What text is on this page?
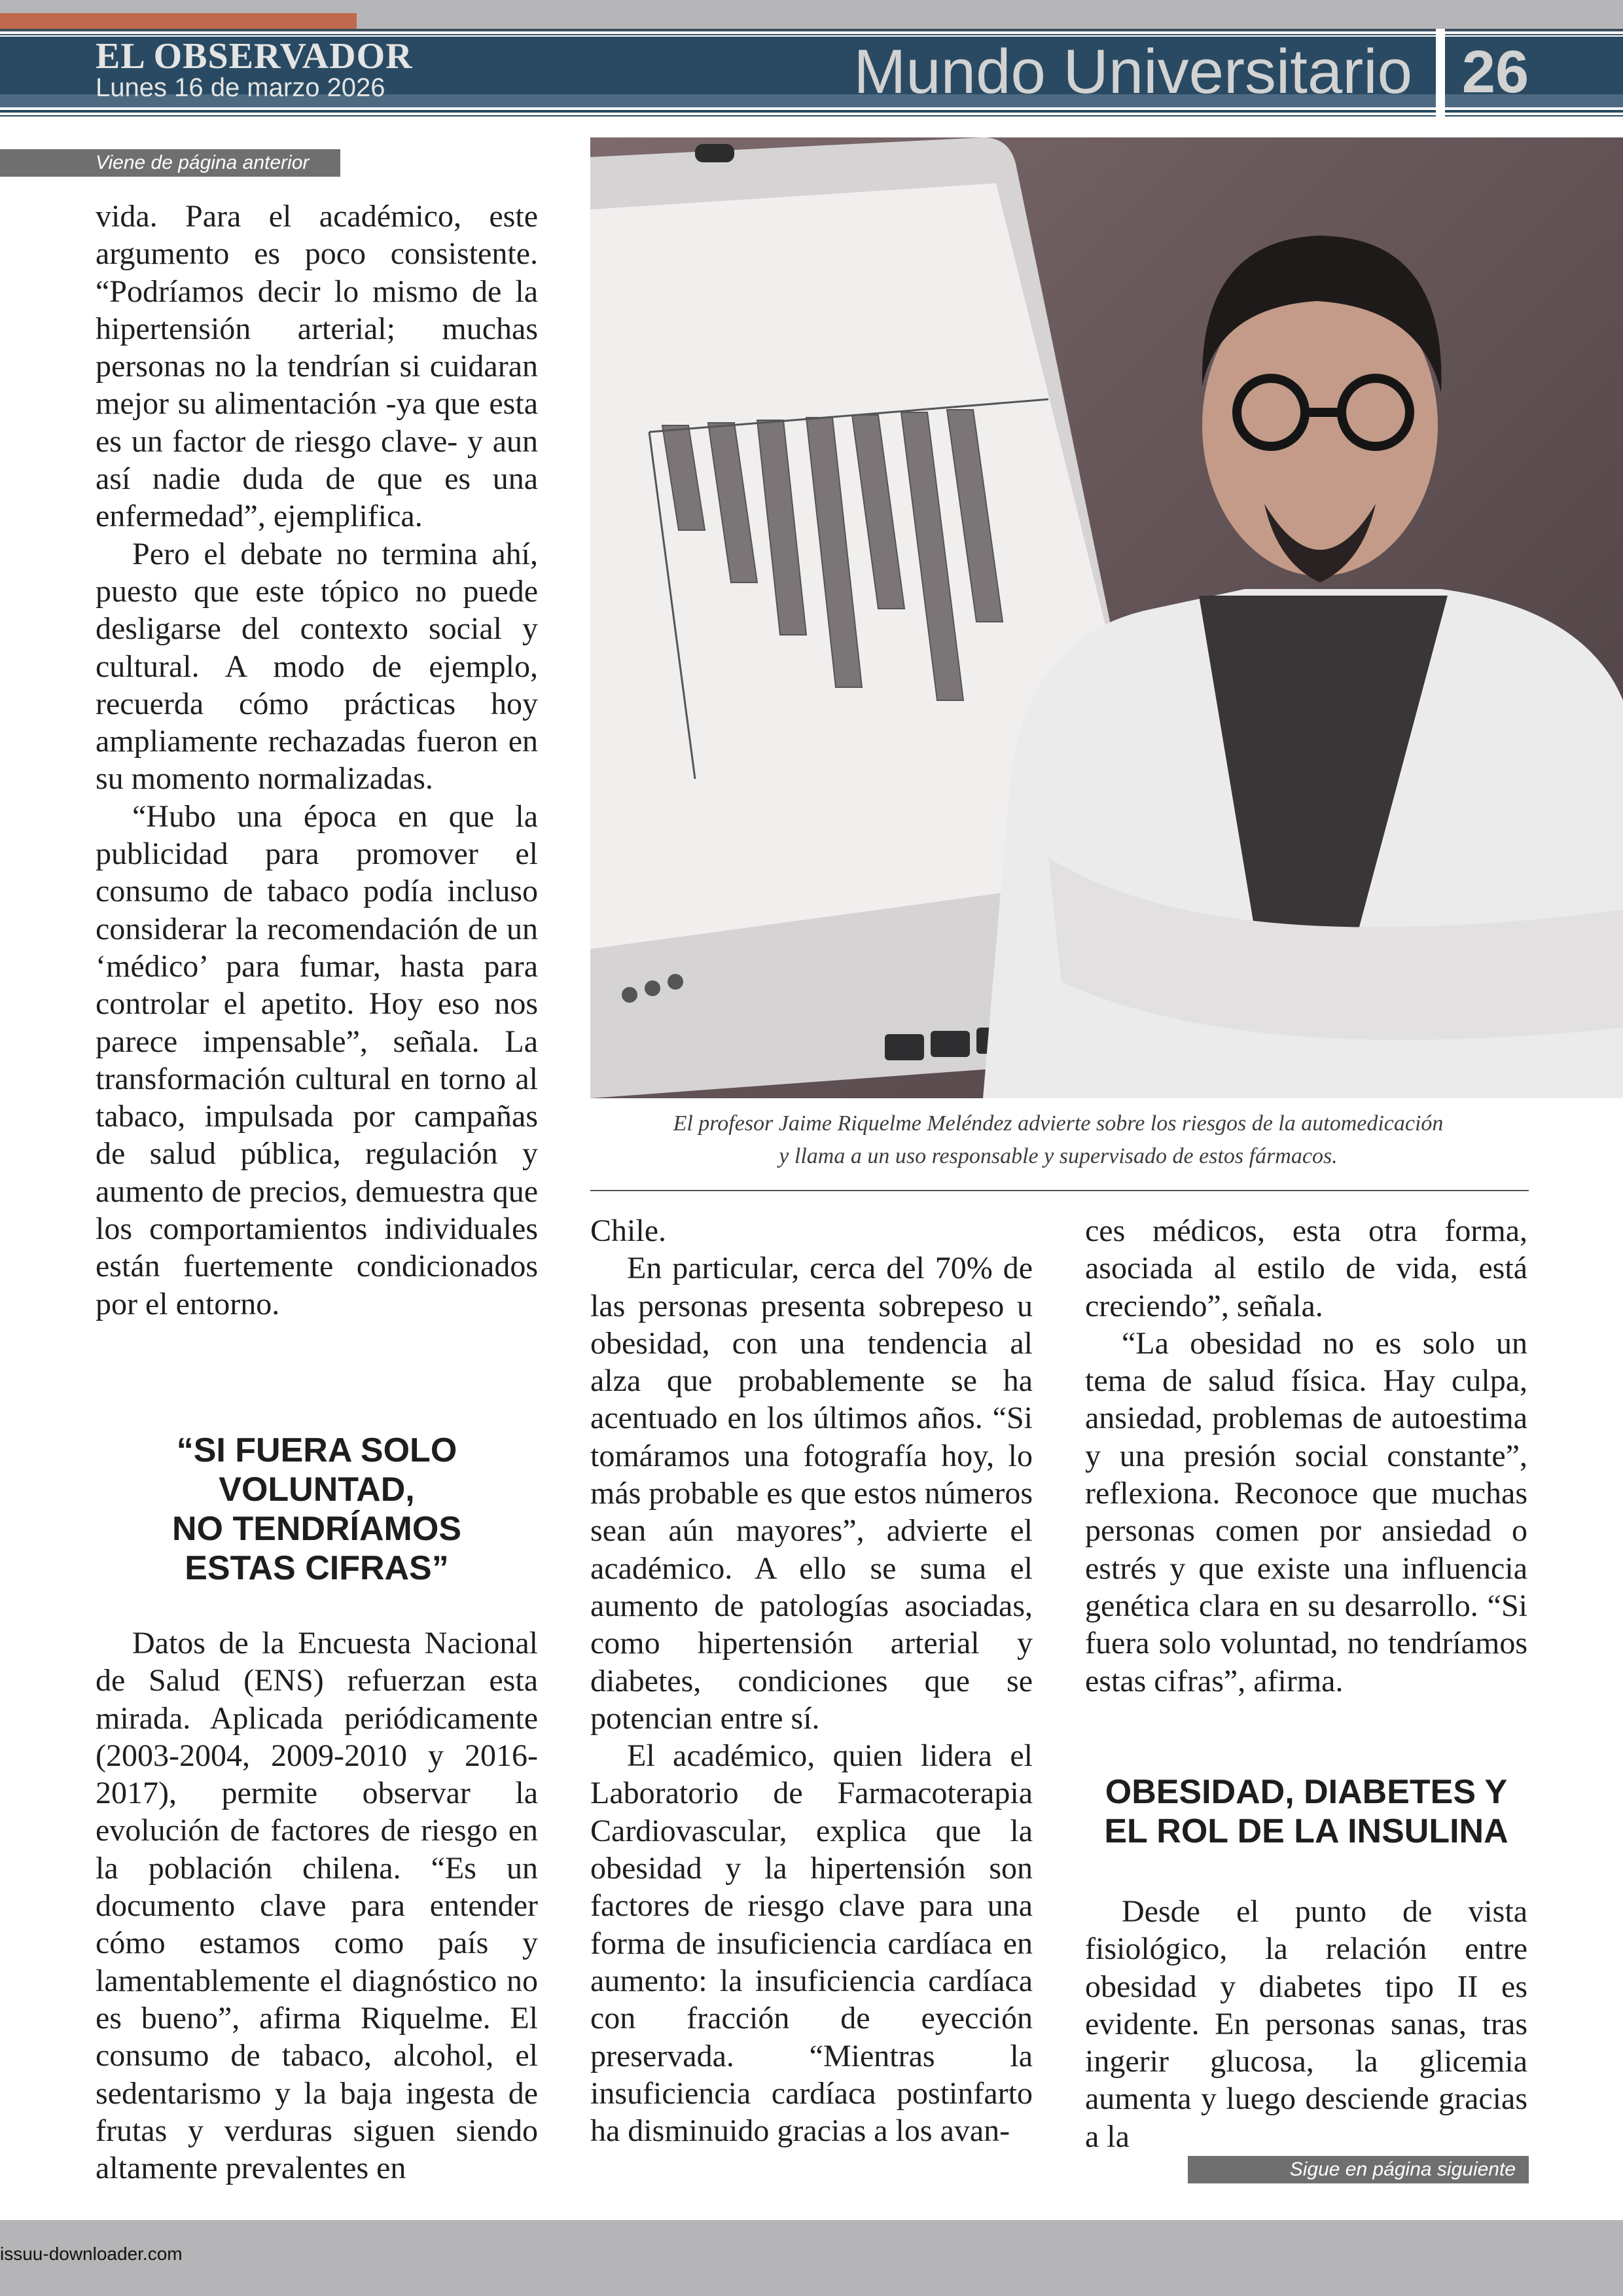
EL OBSERVADOR
Lunes 16 de marzo 2026	Mundo Universitario 26
Viene de página anterior
El profesor Jaime Riquelme Meléndez advierte sobre los riesgos de la automedicación
y llama a un uso responsable y supervisado de estos fármacos.

vida. Para el académico, este argumento es poco consistente. “Podríamos decir lo mismo de la hipertensión arterial; muchas personas no la tendrían si cuidaran mejor su alimentación -ya que esta es un factor de riesgo clave- y aun así nadie duda de que es una enfermedad”, ejemplifica.

Pero el debate no termina ahí, puesto que este tópico no puede desligarse del contexto social y cultural. A modo de ejemplo, recuerda cómo prácticas hoy ampliamente rechazadas fueron en su momento normalizadas.

“Hubo una época en que la publicidad para promover el consumo de tabaco podía incluso considerar la recomendación de un ‘médico’ para fumar, hasta para controlar el apetito. Hoy eso nos parece impensable”, señala. La transformación cultural en torno al tabaco, impulsada por campañas de salud pública, regulación y aumento de precios, demuestra que los comportamientos individuales están fuertemente condicionados por el entorno.

“SI FUERA SOLO
VOLUNTAD,
NO TENDRÍAMOS
ESTAS CIFRAS”

Datos de la Encuesta Nacional de Salud (ENS) refuerzan esta mirada. Aplicada periódicamente (2003-2004, 2009-2010 y 2016-2017), permite observar la evolución de factores de riesgo en la población chilena. “Es un documento clave para entender cómo estamos como país y lamentablemente el diagnóstico no es bueno”, afirma Riquelme. El consumo de tabaco, alcohol, el sedentarismo y la baja ingesta de frutas y verduras siguen siendo altamente prevalentes en

Chile.

En particular, cerca del 70% de las personas presenta sobrepeso u obesidad, con una tendencia al alza que probablemente se ha acentuado en los últimos años. “Si tomáramos una fotografía hoy, lo más probable es que estos números sean aún mayores”, advierte el académico. A ello se suma el aumento de patologías asociadas, como hipertensión arterial y diabetes, condiciones que se potencian entre sí.

El académico, quien lidera el Laboratorio de Farmacoterapia Cardiovascular, explica que la obesidad y la hipertensión son factores de riesgo clave para una forma de insuficiencia cardíaca en aumento: la insuficiencia cardíaca con fracción de eyección preservada. “Mientras la insuficiencia cardíaca postinfarto ha disminuido gracias a los avan-

ces médicos, esta otra forma, asociada al estilo de vida, está creciendo”, señala.

“La obesidad no es solo un tema de salud física. Hay culpa, ansiedad, problemas de autoestima y una presión social constante”, reflexiona. Reconoce que muchas personas comen por ansiedad o estrés y que existe una influencia genética clara en su desarrollo. “Si fuera solo voluntad, no tendríamos estas cifras”, afirma.

OBESIDAD, DIABETES Y
EL ROL DE LA INSULINA

Desde el punto de vista fisiológico, la relación entre obesidad y diabetes tipo II es evidente. En personas sanas, tras ingerir glucosa, la glicemia aumenta y luego desciende gracias a la

Sigue en página siguiente
issuu-downloader.com
